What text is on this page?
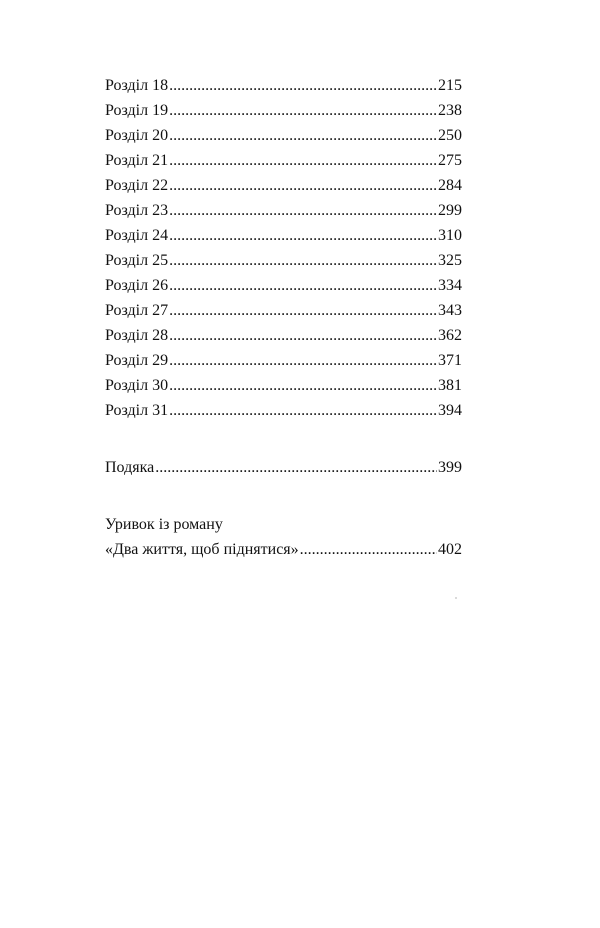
Розділ 18 .....	215
Розділ 19 .....	238
Розділ 20 .....	250
Розділ 21 .....	275
Розділ 22 .....	284
Розділ 23 .....	299
Розділ 24 .....	310
Розділ 25 .....	325
Розділ 26 .....	334
Розділ 27 .....	343
Розділ 28 .....	362
Розділ 29 .....	371
Розділ 30 .....	381
Розділ 31 .....	394
Подяка .....	399
Уривок із роману
«Два життя, щоб піднятися» .....	402
